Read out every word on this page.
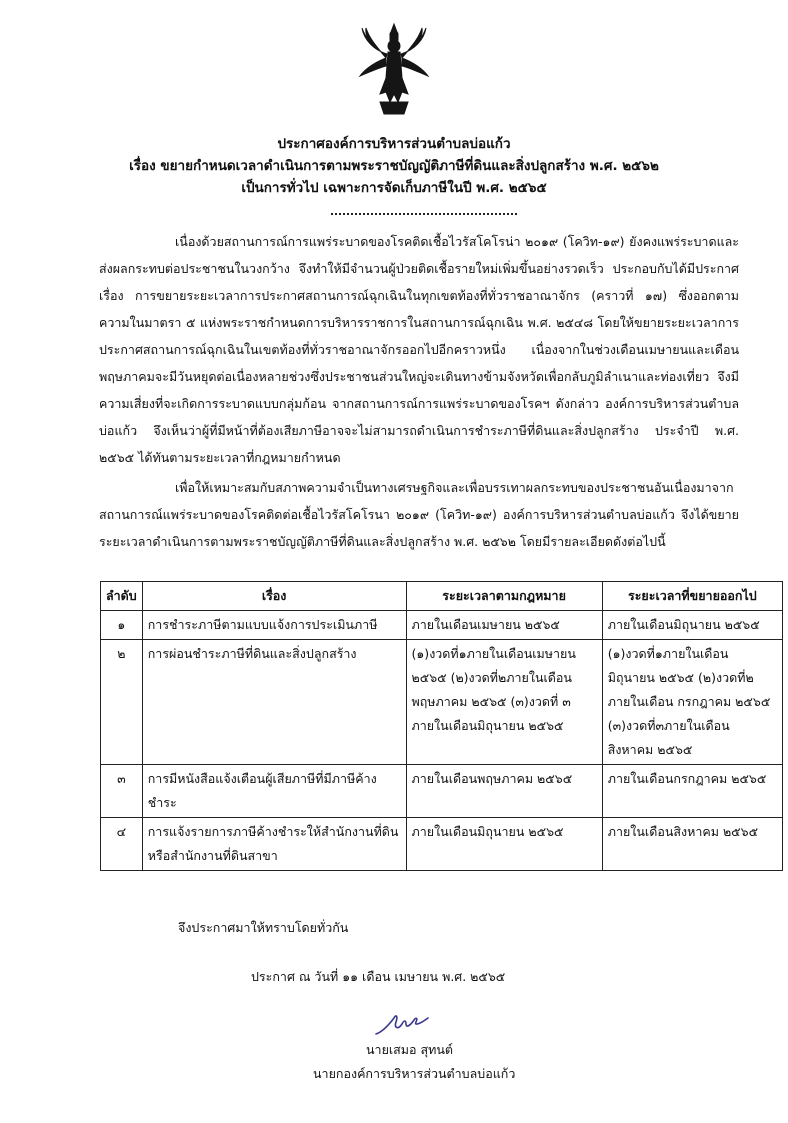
ประกาศองค์การบริหารส่วนตำบลบ่อแก้ว
เรื่อง ขยายกำหนดเวลาดำเนินการตามพระราชบัญญัติภาษีที่ดินและสิ่งปลูกสร้าง พ.ศ. ๒๕๖๒
เป็นการทั่วไป เฉพาะการจัดเก็บภาษีในปี พ.ศ. ๒๕๖๕

เนื่องด้วยสถานการณ์การแพร่ระบาดของโรคติดเชื้อไวรัสโคโรน่า ๒๐๑๙ (โควิท-๑๙) ยังคงแพร่ระบาดและส่งผลกระทบต่อประชาชนในวงกว้าง จึงทำให้มีจำนวนผู้ป่วยติดเชื้อรายใหม่เพิ่มขึ้นอย่างรวดเร็ว ประกอบกับได้มีประกาศ เรื่อง การขยายระยะเวลาการประกาศสถานการณ์ฉุกเฉินในทุกเขตท้องที่ทั่วราชอาณาจักร (คราวที่ ๑๗) ซึ่งออกตามความในมาตรา ๕ แห่งพระราชกำหนดการบริหารราชการในสถานการณ์ฉุกเฉิน พ.ศ. ๒๕๔๘ โดยให้ขยายระยะเวลาการประกาศสถานการณ์ฉุกเฉินในเขตท้องที่ทั่วราชอาณาจักรออกไปอีกคราวหนึ่ง เนื่องจากในช่วงเดือนเมษายนและเดือนพฤษภาคมจะมีวันหยุดต่อเนื่องหลายช่วงซึ่งประชาชนส่วนใหญ่จะเดินทางข้ามจังหวัดเพื่อกลับภูมิลำเนาและท่องเที่ยว จึงมีความเสี่ยงที่จะเกิดการระบาดแบบกลุ่มก้อน จากสถานการณ์การแพร่ระบาดของโรคฯ ดังกล่าว องค์การบริหารส่วนตำบลบ่อแก้ว จึงเห็นว่าผู้ที่มีหน้าที่ต้องเสียภาษีอาจจะไม่สามารถดำเนินการชำระภาษีที่ดินและสิ่งปลูกสร้าง ประจำปี พ.ศ. ๒๕๖๕ ได้ทันตามระยะเวลาที่กฎหมายกำหนด

เพื่อให้เหมาะสมกับสภาพความจำเป็นทางเศรษฐกิจและเพื่อบรรเทาผลกระทบของประชาชนอันเนื่องมาจากสถานการณ์แพร่ระบาดของโรคติดต่อเชื้อไวรัสโคโรนา ๒๐๑๙ (โควิท-๑๙) องค์การบริหารส่วนตำบลบ่อแก้ว จึงได้ขยายระยะเวลาดำเนินการตามพระราชบัญญัติภาษีที่ดินและสิ่งปลูกสร้าง พ.ศ. ๒๕๖๒ โดยมีรายละเอียดดังต่อไปนี้

ลำดับ	เรื่อง	ระยะเวลาตามกฎหมาย	ระยะเวลาที่ขยายออกไป
๑	การชำระภาษีตามแบบแจ้งการประเมินภาษี	ภายในเดือนเมษายน ๒๕๖๕	ภายในเดือนมิถุนายน ๒๕๖๕
๒	การผ่อนชำระภาษีที่ดินและสิ่งปลูกสร้าง	(๑)งวดที่๑ภายในเดือนเมษายน ๒๕๖๕ (๒)งวดที่๒ภายในเดือนพฤษภาคม ๒๕๖๕ (๓)งวดที่ ๓ ภายในเดือนมิถุนายน ๒๕๖๕	(๑)งวดที่๑ภายในเดือน มิถุนายน ๒๕๖๕ (๒)งวดที่๒ ภายในเดือน กรกฎาคม ๒๕๖๕ (๓)งวดที่๓ภายในเดือน สิงหาคม ๒๕๖๕
๓	การมีหนังสือแจ้งเตือนผู้เสียภาษีที่มีภาษีค้างชำระ	ภายในเดือนพฤษภาคม ๒๕๖๕	ภายในเดือนกรกฎาคม ๒๕๖๕
๔	การแจ้งรายการภาษีค้างชำระให้สำนักงานที่ดินหรือสำนักงานที่ดินสาขา	ภายในเดือนมิถุนายน ๒๕๖๕	ภายในเดือนสิงหาคม ๒๕๖๕
จึงประกาศมาให้ทราบโดยทั่วกัน
ประกาศ ณ วันที่ ๑๑ เดือน เมษายน พ.ศ. ๒๕๖๕
นายเสมอ สุทนต์
นายกองค์การบริหารส่วนตำบลบ่อแก้ว
